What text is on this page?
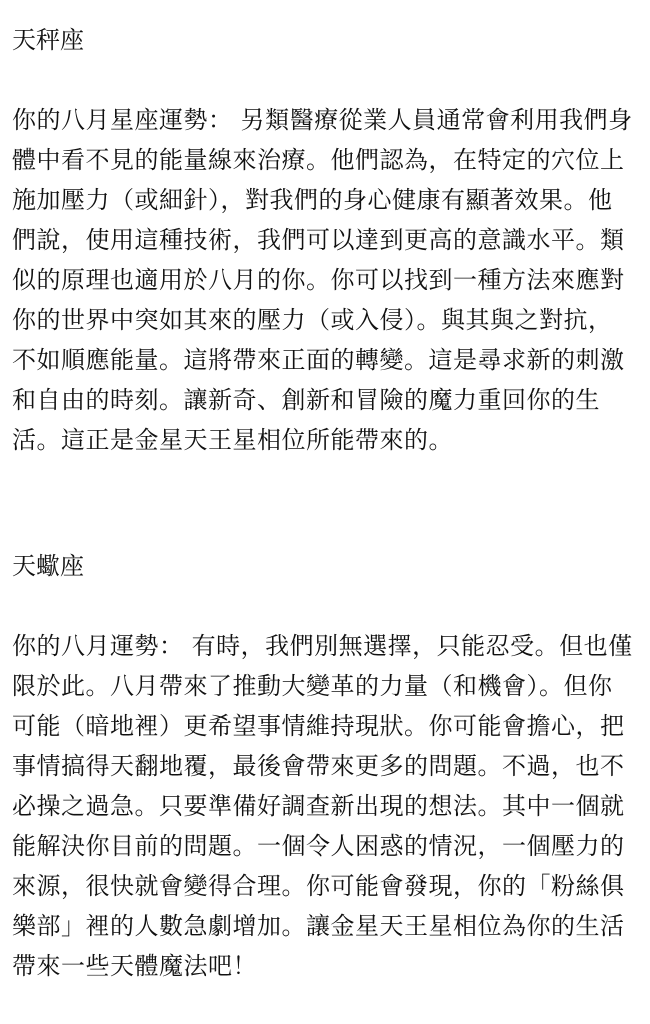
天秤座

你的八月星座運勢： 另類醫療從業人員通常會利用我們身
體中看不見的能量線來治療。他們認為，在特定的穴位上
施加壓力（或細針），對我們的身心健康有顯著效果。他
們說，使用這種技術，我們可以達到更高的意識水平。類
似的原理也適用於八月的你。你可以找到一種方法來應對
你的世界中突如其來的壓力（或入侵）。與其與之對抗，
不如順應能量。這將帶來正面的轉變。這是尋求新的刺激
和自由的時刻。讓新奇、創新和冒險的魔力重回你的生
活。這正是金星天王星相位所能帶來的。

天蠍座

你的八月運勢： 有時，我們別無選擇，只能忍受。但也僅
限於此。八月帶來了推動大變革的力量（和機會）。但你
可能（暗地裡）更希望事情維持現狀。你可能會擔心，把
事情搞得天翻地覆，最後會帶來更多的問題。不過，也不
必操之過急。只要準備好調查新出現的想法。其中一個就
能解決你目前的問題。一個令人困惑的情況，一個壓力的
來源，很快就會變得合理。你可能會發現，你的「粉絲俱
樂部」裡的人數急劇增加。讓金星天王星相位為你的生活
帶來一些天體魔法吧！
